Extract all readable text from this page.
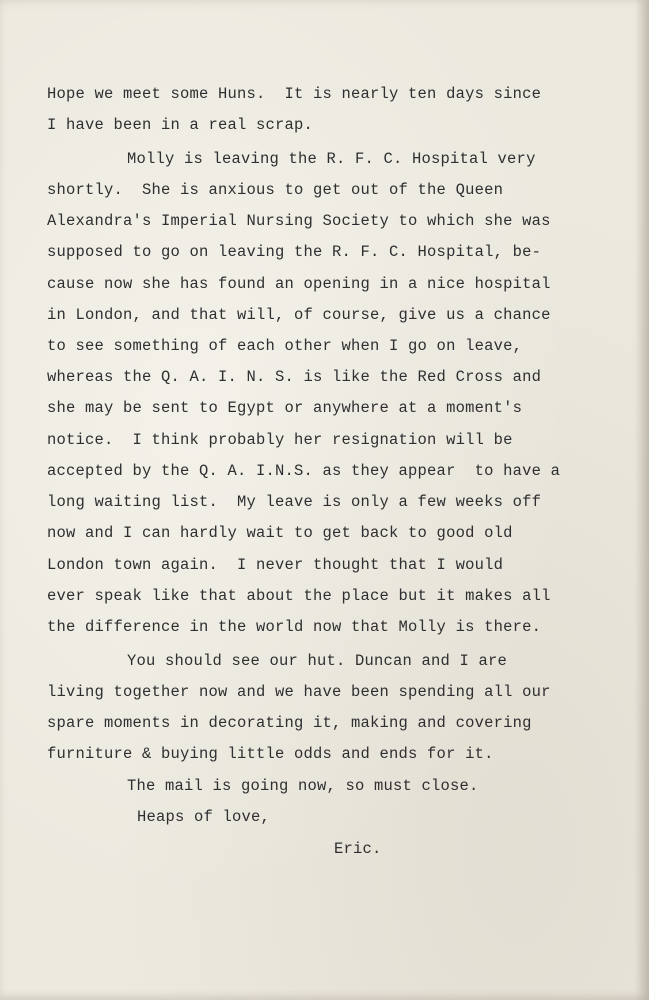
Hope we meet some Huns.  It is nearly ten days since
I have been in a real scrap.
Molly is leaving the R. F. C. Hospital very
shortly.  She is anxious to get out of the Queen
Alexandra's Imperial Nursing Society to which she was
supposed to go on leaving the R. F. C. Hospital, be-
cause now she has found an opening in a nice hospital
in London, and that will, of course, give us a chance
to see something of each other when I go on leave,
whereas the Q. A. I. N. S. is like the Red Cross and
she may be sent to Egypt or anywhere at a moment's
notice.  I think probably her resignation will be
accepted by the Q. A. I.N.S. as they appear  to have a
long waiting list.  My leave is only a few weeks off
now and I can hardly wait to get back to good old
London town again.  I never thought that I would
ever speak like that about the place but it makes all
the difference in the world now that Molly is there.
You should see our hut. Duncan and I are
living together now and we have been spending all our
spare moments in decorating it, making and covering
furniture & buying little odds and ends for it.
The mail is going now, so must close.
Heaps of love,
Eric.
